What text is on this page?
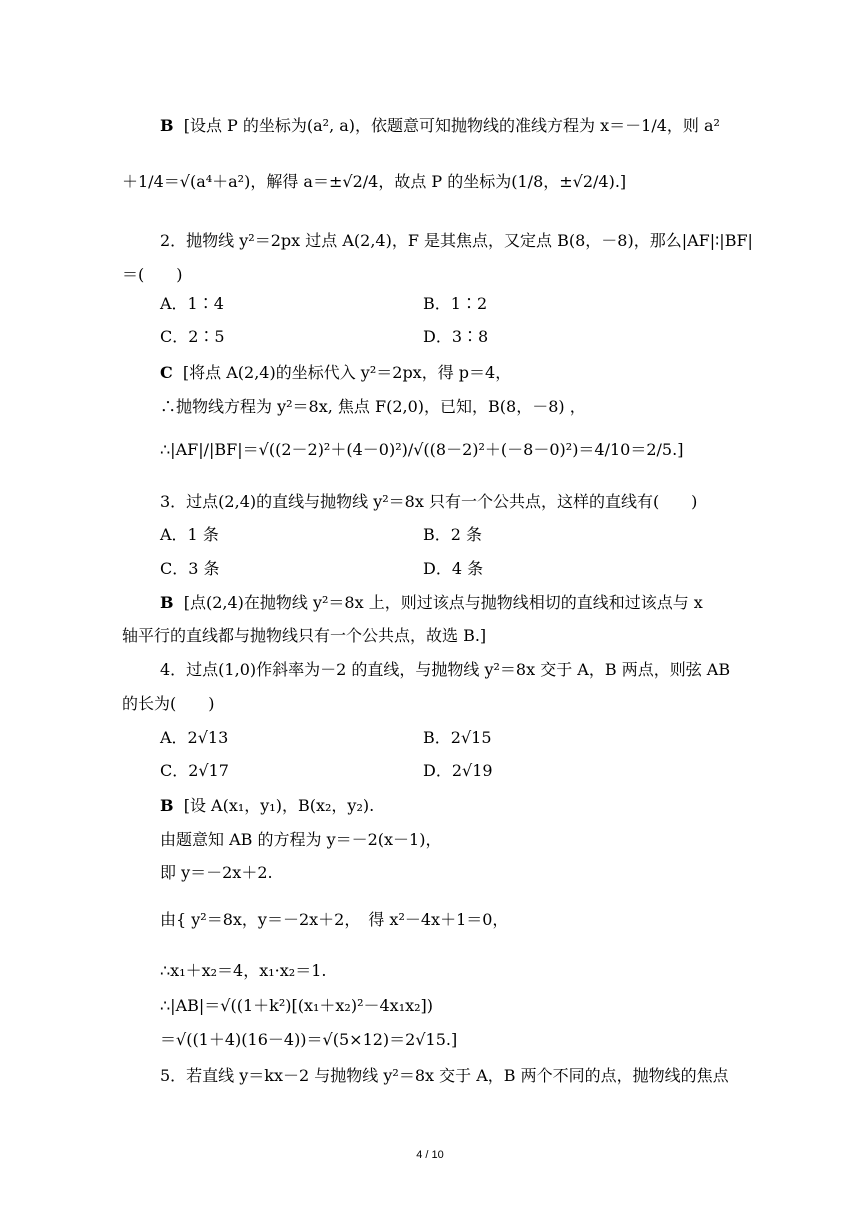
B [设点 P 的坐标为(a², a)，依题意可知抛物线的准线方程为 x＝－1/4，则 a²
＋1/4＝√(a⁴＋a²)，解得 a＝±√2/4，故点 P 的坐标为(1/8，±√2/4).]
2．抛物线 y²＝2px 过点 A(2,4)，F 是其焦点，又定点 B(8，－8)，那么|AF|∶|BF|
＝(　　)
A．1∶4	B．1∶2
C．2∶5	D．3∶8
C [将点 A(2,4)的坐标代入 y²＝2px，得 p＝4，
∴抛物线方程为 y²＝8x, 焦点 F(2,0)，已知，B(8，－8) ，
∴|AF|/|BF|＝√((2－2)²＋(4－0)²)/√((8－2)²＋(－8－0)²)＝4/10＝2/5.]
3．过点(2,4)的直线与抛物线 y²＝8x 只有一个公共点，这样的直线有(　　)
A．1 条	B．2 条
C．3 条	D．4 条
B [点(2,4)在抛物线 y²＝8x 上，则过该点与抛物线相切的直线和过该点与 x
轴平行的直线都与抛物线只有一个公共点，故选 B.]
4．过点(1,0)作斜率为－2 的直线，与抛物线 y²＝8x 交于 A，B 两点，则弦 AB
的长为(　　)
A．2√13	B．2√15
C．2√17	D．2√19
B [设 A(x₁，y₁)，B(x₂，y₂).
由题意知 AB 的方程为 y＝－2(x－1)，
即 y＝－2x＋2.
由{ y²＝8x，y＝－2x＋2，　得 x²－4x＋1＝0，
∴x₁＋x₂＝4，x₁·x₂＝1.
∴|AB|＝√((1＋k²)[(x₁＋x₂)²－4x₁x₂])
＝√((1＋4)(16－4))＝√(5×12)＝2√15.]
5．若直线 y＝kx－2 与抛物线 y²＝8x 交于 A，B 两个不同的点，抛物线的焦点
4 / 10
